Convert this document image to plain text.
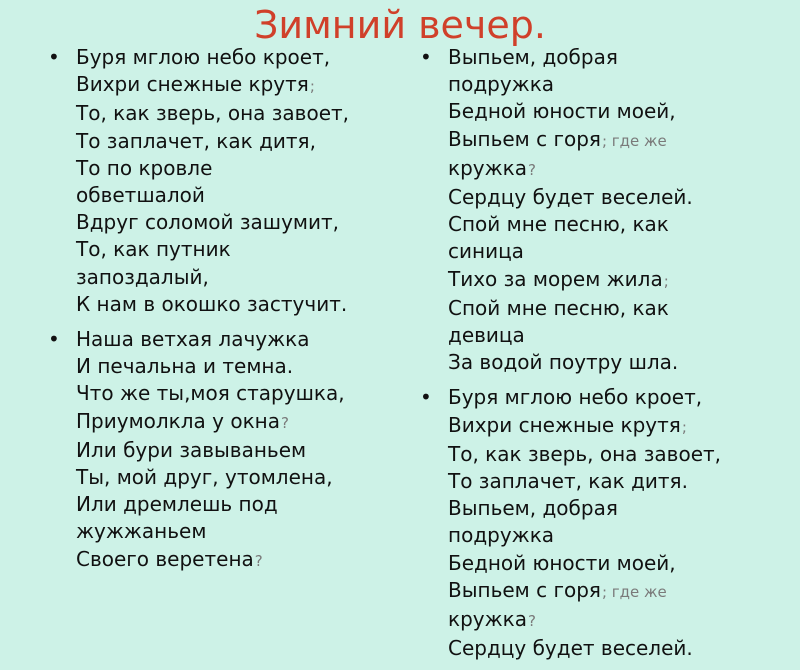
Зимний вечер.
• Буря мглою небо кроет,
Вихри снежные крутя;
То, как зверь, она завоет,
То заплачет, как дитя,
То по кровле
обветшалой
Вдруг соломой зашумит,
То, как путник
запоздалый,
К нам в окошко застучит.
• Наша ветхая лачужка
И печальна и темна.
Что же ты,моя старушка,
Приумолкла у окна?
Или бури завываньем
Ты, мой друг, утомлена,
Или дремлешь под
жужжаньем
Своего веретена?
• Выпьем, добрая
подружка
Бедной юности моей,
Выпьем с горя; где же
кружка?
Сердцу будет веселей.
Спой мне песню, как
синица
Тихо за морем жила;
Спой мне песню, как
девица
За водой поутру шла.
• Буря мглою небо кроет,
Вихри снежные крутя;
То, как зверь, она завоет,
То заплачет, как дитя.
Выпьем, добрая
подружка
Бедной юности моей,
Выпьем с горя; где же
кружка?
Сердцу будет веселей.
